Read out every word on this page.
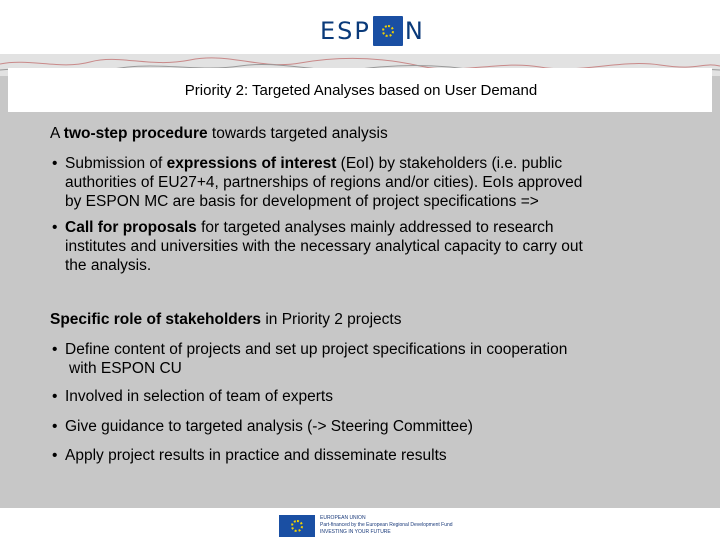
ESP N
Priority 2: Targeted Analyses based on User Demand

A two-step procedure towards targeted analysis

• Submission of expressions of interest (EoI) by stakeholders (i.e. public
authorities of EU27+4, partnerships of regions and/or cities). EoIs approved
by ESPON MC are basis for development of project specifications =>
• Call for proposals for targeted analyses mainly addressed to research
institutes and universities with the necessary analytical capacity to carry out
the analysis.

Specific role of stakeholders in Priority 2 projects

• Define content of projects and set up project specifications in cooperation
with ESPON CU
• Involved in selection of team of experts
• Give guidance to targeted analysis (-> Steering Committee)
• Apply project results in practice and disseminate results
EUROPEAN UNION
Part-financed by the European Regional Development Fund
INVESTING IN YOUR FUTURE
